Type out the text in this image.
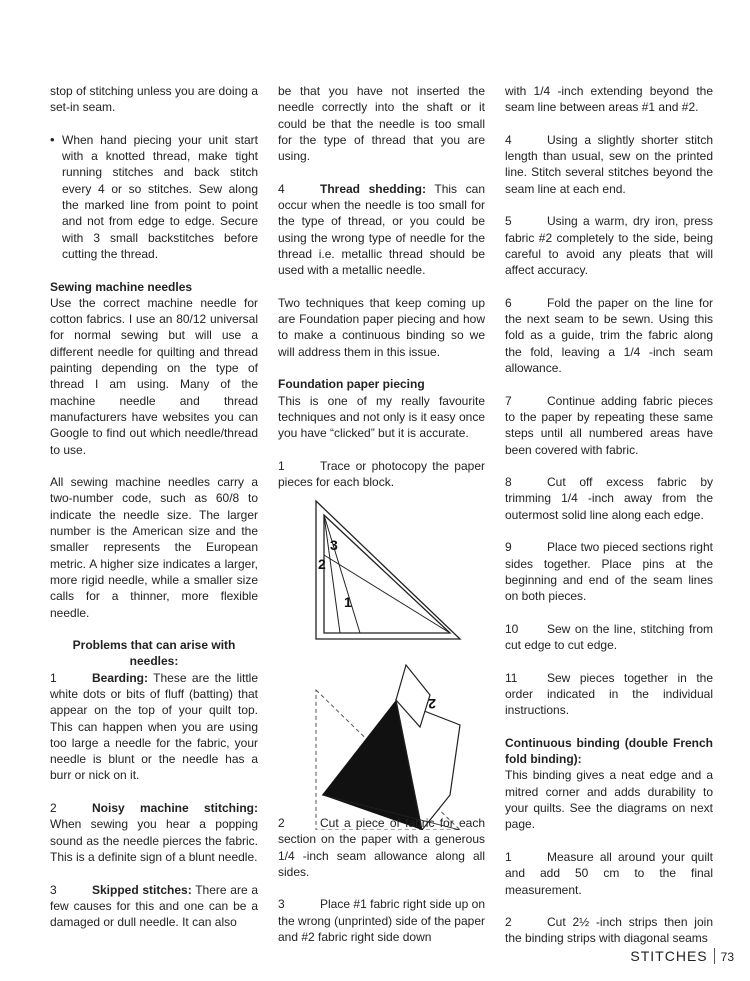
stop of stitching unless you are doing a set-in seam.

• When hand piecing your unit start with a knotted thread, make tight running stitches and back stitch every 4 or so stitches. Sew along the marked line from point to point and not from edge to edge. Secure with 3 small backstitches before cutting the thread.

Sewing machine needles

Use the correct machine needle for cotton fabrics. I use an 80/12 universal for normal sewing but will use a different needle for quilting and thread painting depending on the type of thread I am using. Many of the machine needle and thread manufacturers have websites you can Google to find out which needle/thread to use.

All sewing machine needles carry a two-number code, such as 60/8 to indicate the needle size. The larger number is the American size and the smaller represents the European metric. A higher size indicates a larger, more rigid needle, while a smaller size calls for a thinner, more flexible needle.

Problems that can arise with needles:

1	Bearding: These are the little white dots or bits of fluff (batting) that appear on the top of your quilt top. This can happen when you are using too large a needle for the fabric, your needle is blunt or the needle has a burr or nick on it.

2	Noisy machine stitching: When sewing you hear a popping sound as the needle pierces the fabric. This is a definite sign of a blunt needle.

3	Skipped stitches: There are a few causes for this and one can be a damaged or dull needle. It can also

be that you have not inserted the needle correctly into the shaft or it could be that the needle is too small for the type of thread that you are using.

4	Thread shedding: This can occur when the needle is too small for the type of thread, or you could be using the wrong type of needle for the thread i.e. metallic thread should be used with a metallic needle.

Two techniques that keep coming up are Foundation paper piecing and how to make a continuous binding so we will address them in this issue.

Foundation paper piecing

This is one of my really favourite techniques and not only is it easy once you have “clicked” but it is accurate.

1	Trace or photocopy the paper pieces for each block.

3
2
1
2

2	Cut a piece of fabric for each section on the paper with a generous 1/4 -inch seam allowance along all sides.

3	Place #1 fabric right side up on the wrong (unprinted) side of the paper and #2 fabric right side down

with 1/4 -inch extending beyond the seam line between areas #1 and #2.

4	Using a slightly shorter stitch length than usual, sew on the printed line. Stitch several stitches beyond the seam line at each end.

5	Using a warm, dry iron, press fabric #2 completely to the side, being careful to avoid any pleats that will affect accuracy.

6	Fold the paper on the line for the next seam to be sewn. Using this fold as a guide, trim the fabric along the fold, leaving a 1/4 -inch seam allowance.

7	Continue adding fabric pieces to the paper by repeating these same steps until all numbered areas have been covered with fabric.

8	Cut off excess fabric by trimming 1/4 -inch away from the outermost solid line along each edge.

9	Place two pieced sections right sides together. Place pins at the beginning and end of the seam lines on both pieces.

10 Sew on the line, stitching from cut edge to cut edge.

11 Sew pieces together in the order indicated in the individual instructions.

Continuous binding (double French fold binding):

This binding gives a neat edge and a mitred corner and adds durability to your quilts. See the diagrams on next page.

1	Measure all around your quilt and add 50 cm to the final measurement.

2	Cut 2½ -inch strips then join the binding strips with diagonal seams

STITCHES 73
